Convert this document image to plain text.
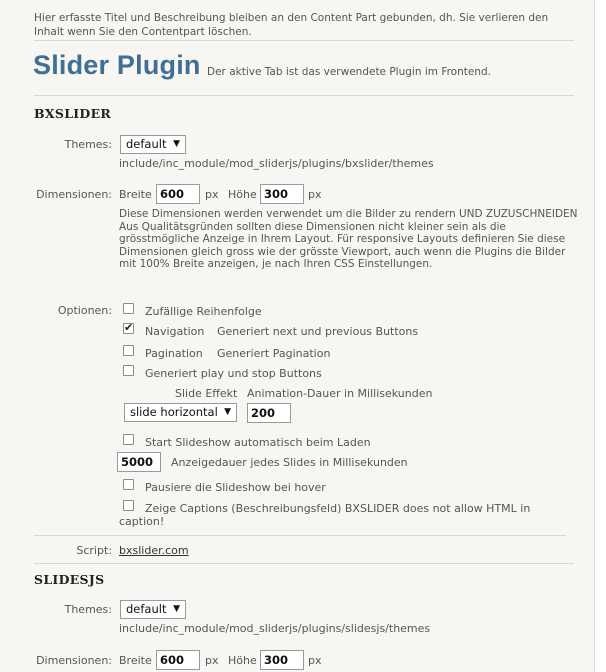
Hier erfasste Titel und Beschreibung bleiben an den Content Part gebunden, dh. Sie verlieren den Inhalt wenn Sie den Contentpart löschen.
Slider Plugin Der aktive Tab ist das verwendete Plugin im Frontend.
BXSLIDER
Themes:	default ▼
include/inc_module/mod_sliderjs/plugins/bxslider/themes
Dimensionen: Breite 600	px Höhe 300	px
Diese Dimensionen werden verwendet um die Bilder zu rendern UND ZUZUSCHNEIDEN
Aus Qualitätsgründen sollten diese Dimensionen nicht kleiner sein als die grösstmögliche Anzeige in Ihrem Layout. Für responsive Layouts definieren Sie diese Dimensionen gleich gross wie der grösste Viewport, auch wenn die Plugins die Bilder mit 100% Breite anzeigen, je nach Ihren CSS Einstellungen.
Optionen:	Zufällige Reihenfolge
✔
Navigation Generiert next und previous Buttons
Pagination Generiert Pagination
Generiert play und stop Buttons
Slide Effekt Animation-Dauer in Millisekunden
slide horizontal ▼	200
Start Slideshow automatisch beim Laden
5000	Anzeigedauer jedes Slides in Millisekunden
Pausiere die Slideshow bei hover
Zeige Captions (Beschreibungsfeld) BXSLIDER does not allow HTML in caption!
Script: bxslider.com
SLIDESJS
Themes:	default ▼
include/inc_module/mod_sliderjs/plugins/slidesjs/themes
Dimensionen: Breite 600	px Höhe 300	px
